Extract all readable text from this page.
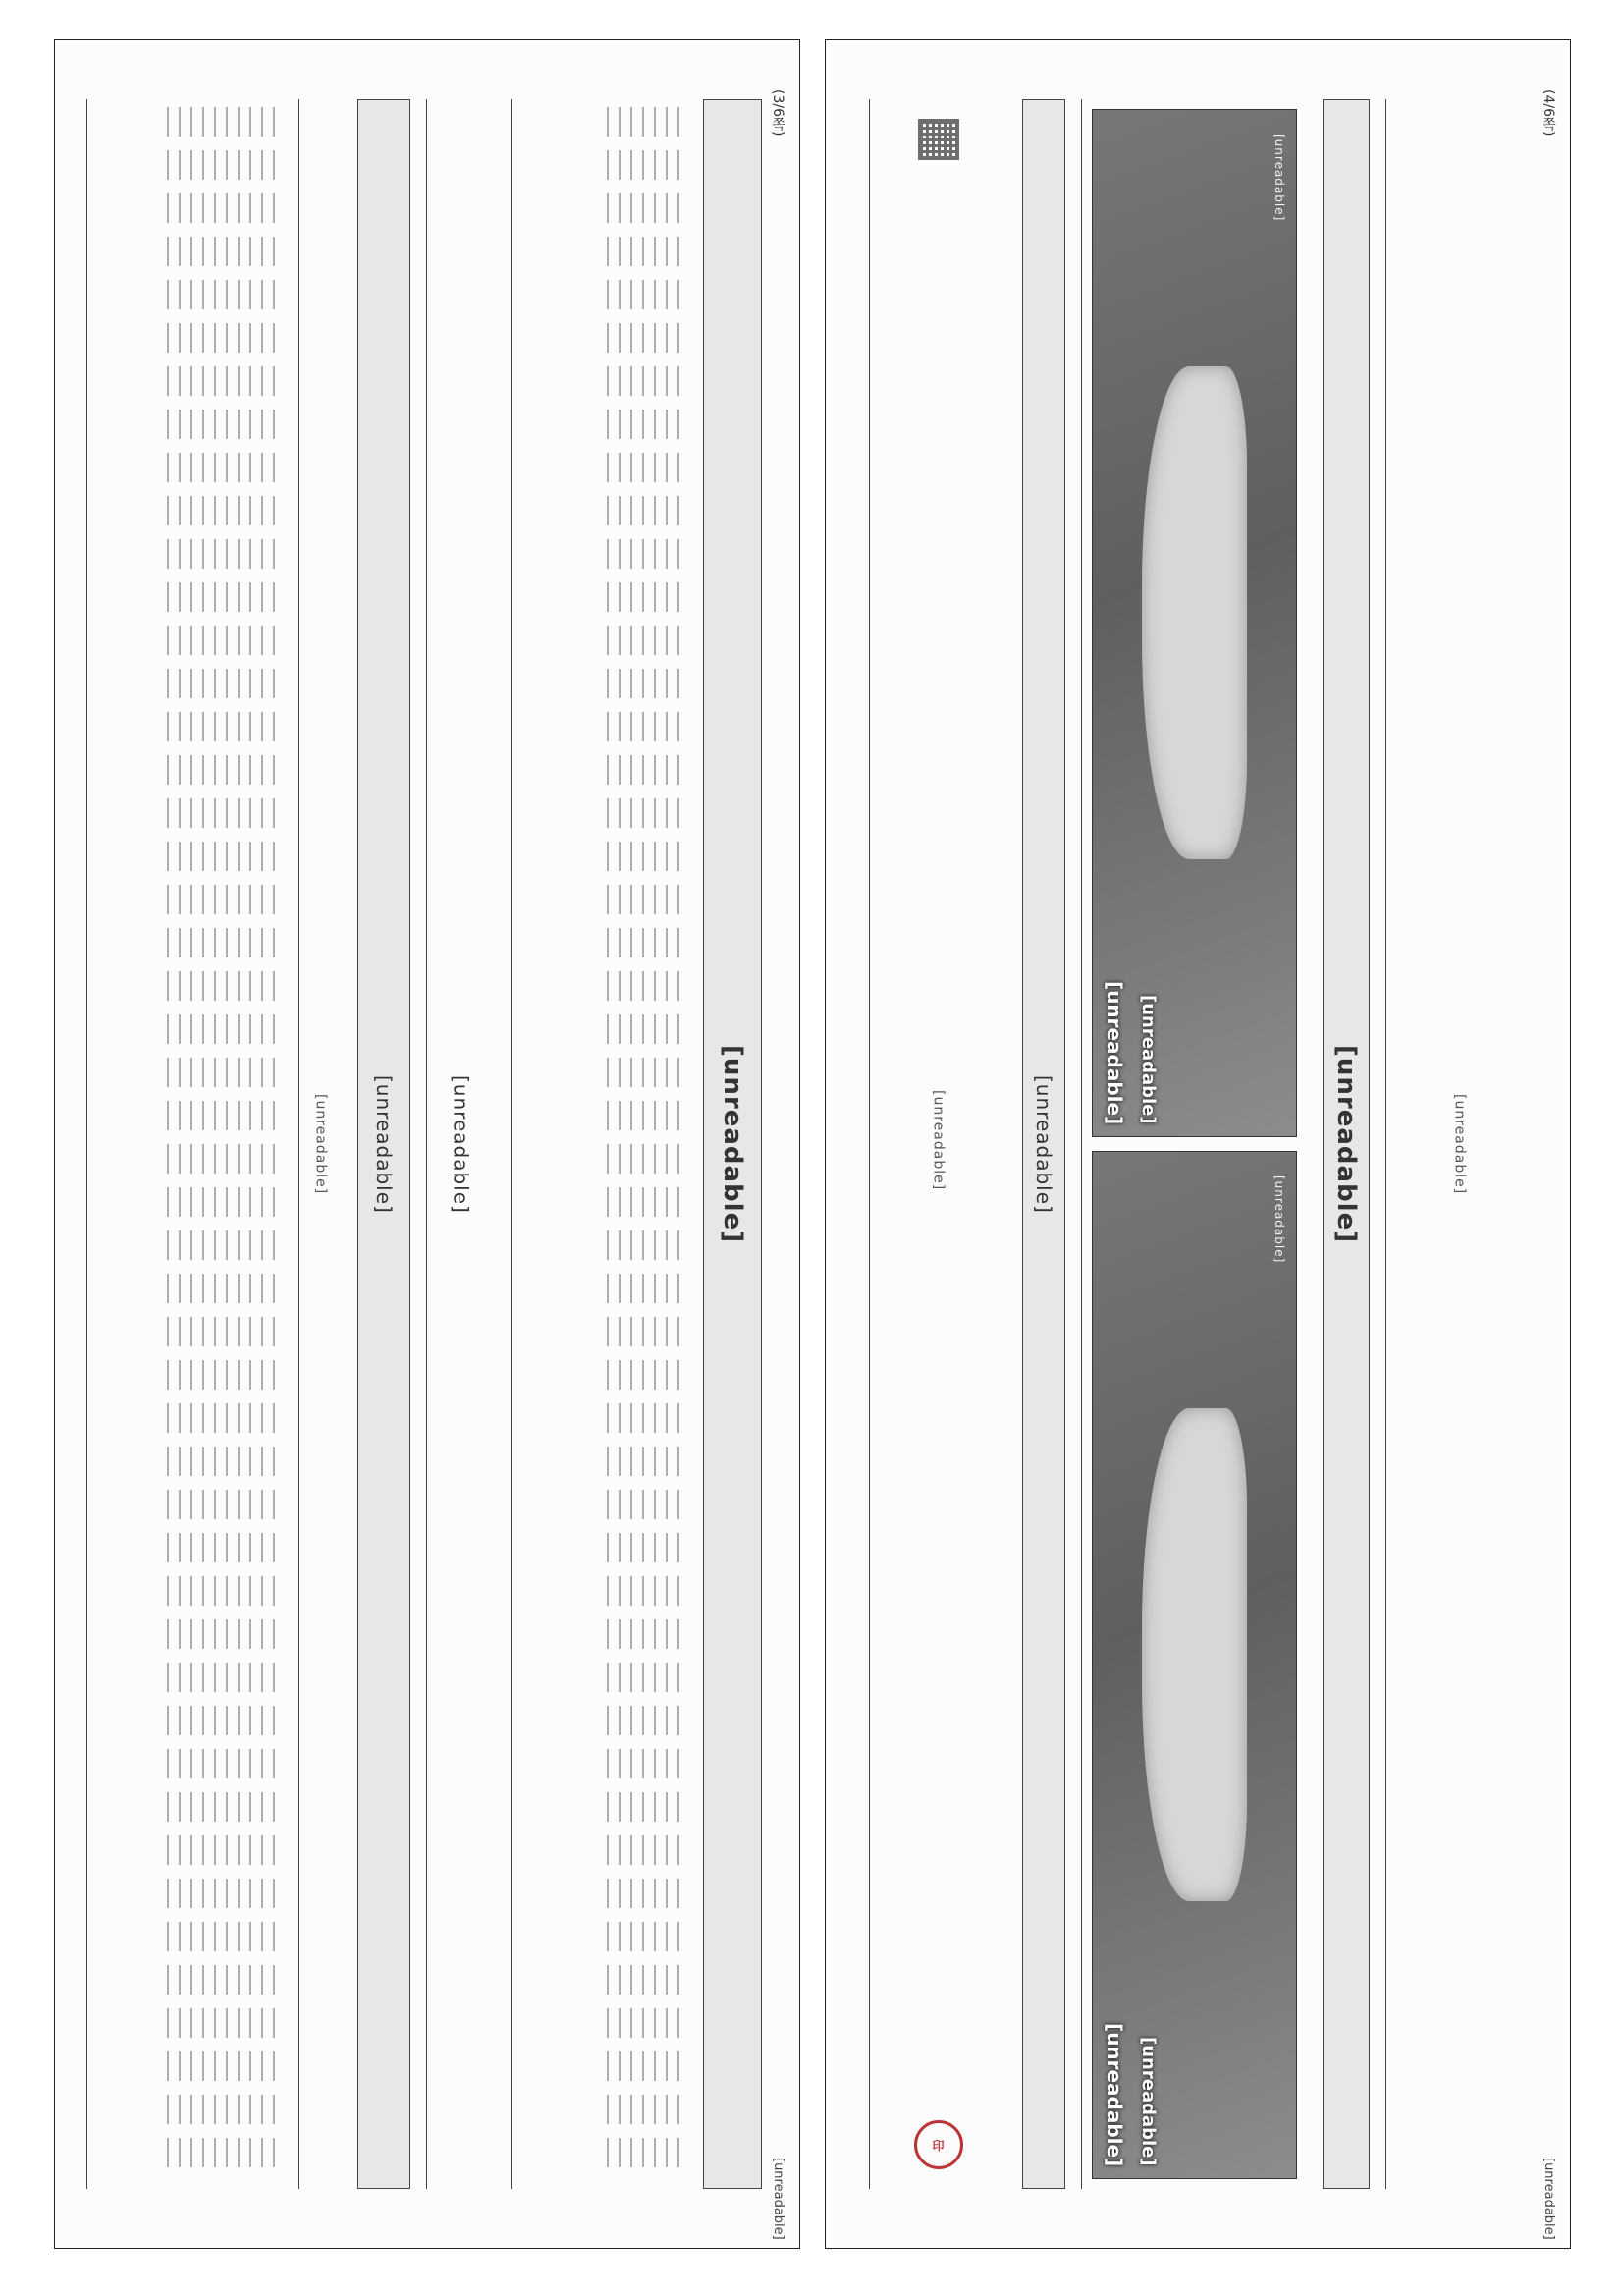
(3/6쪽)
[unreadable]
[unreadable]
[unreadable]
[unreadable]
[unreadable]
(4/6쪽)
[unreadable]
[unreadable]
[unreadable]
[unreadable] [unreadable]
[unreadable]
[unreadable] [unreadable]
[unreadable]
[unreadable]
印
[unreadable]
